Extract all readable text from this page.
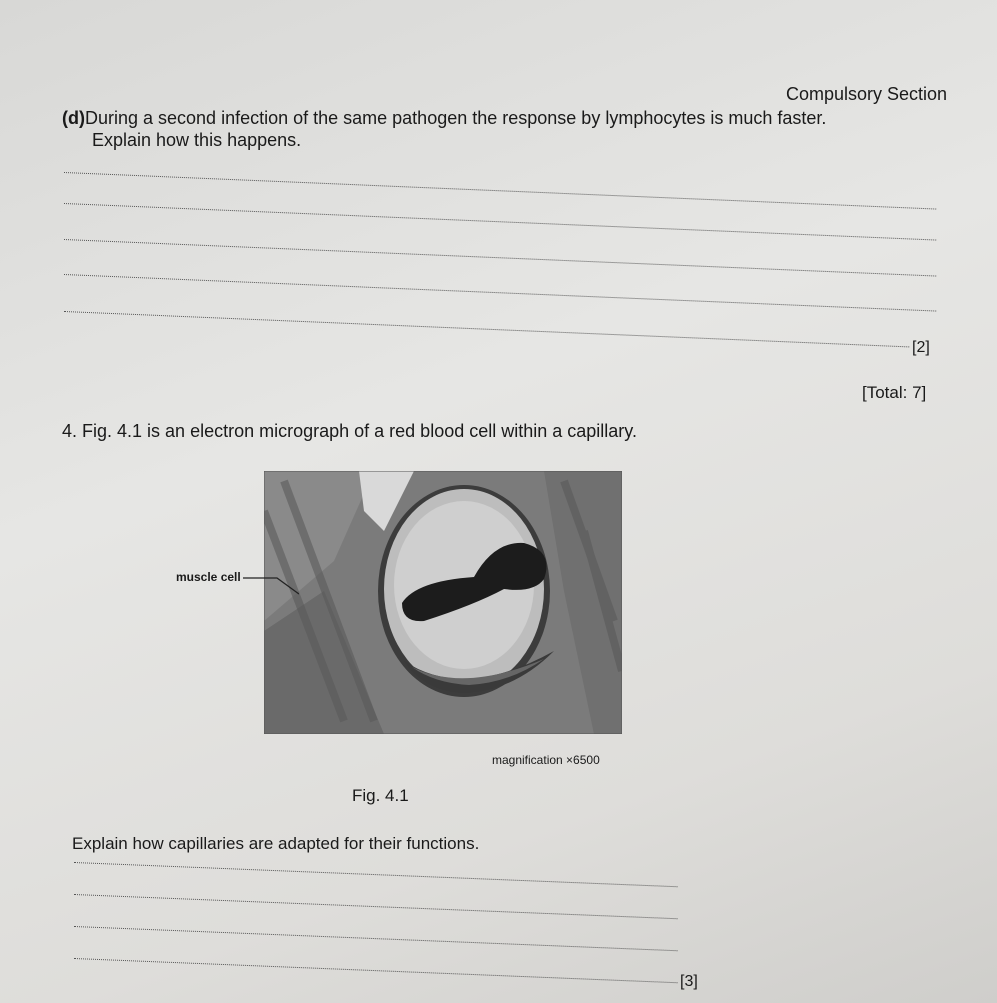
Compulsory Section
(d)During a second infection of the same pathogen the response by lymphocytes is much faster.
Explain how this happens.
[2]
[Total: 7]
4. Fig. 4.1 is an electron micrograph of a red blood cell within a capillary.
muscle cell
magnification ×6500
Fig. 4.1
Explain how capillaries are adapted for their functions.
[3]
